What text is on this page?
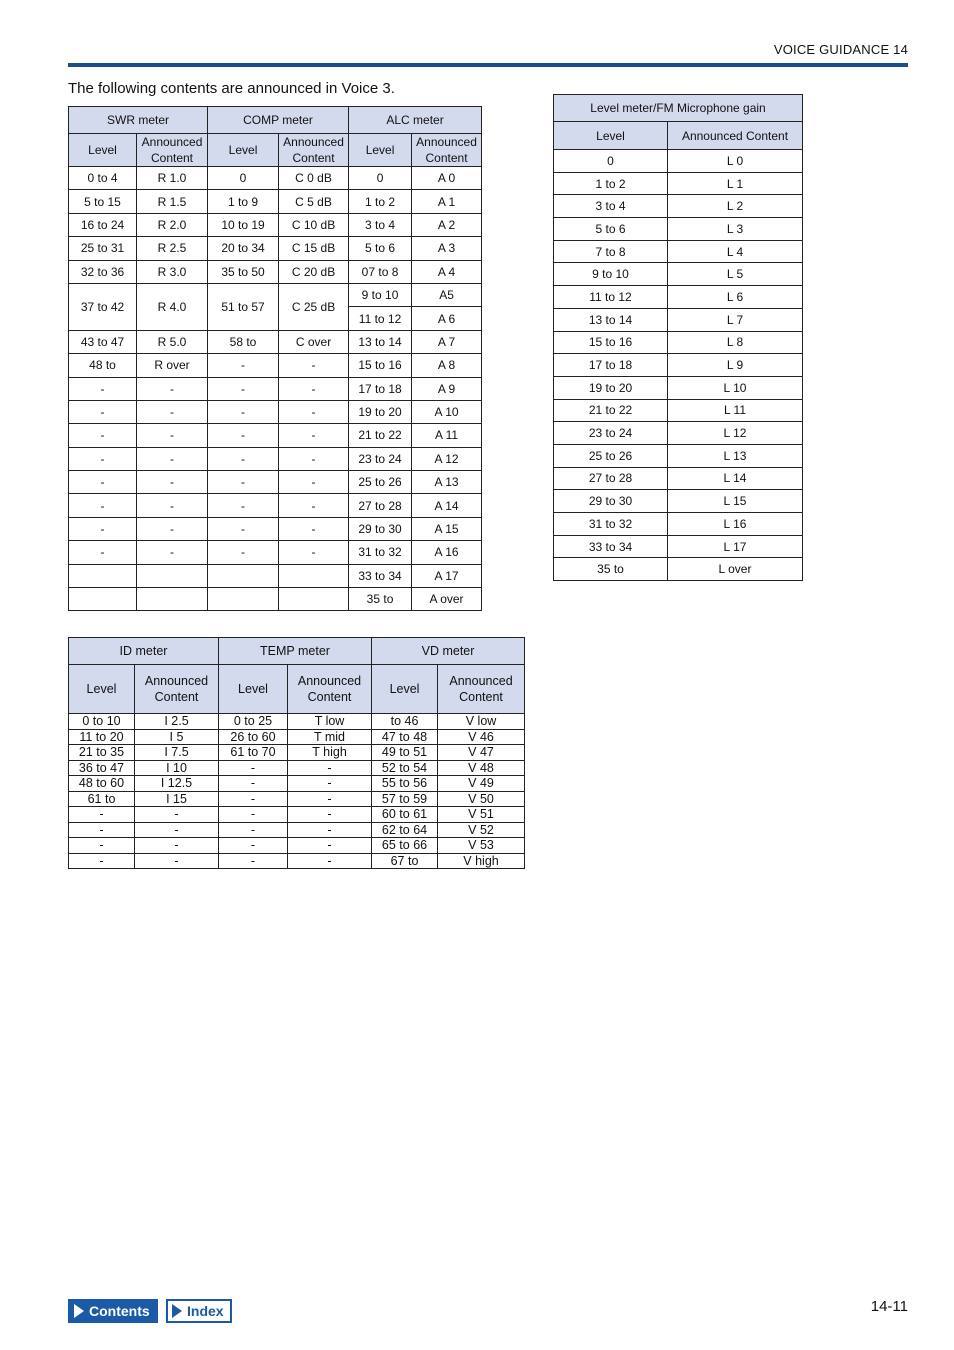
VOICE GUIDANCE 14
The following contents are announced in Voice 3.
SWR meter		COMP meter		ALC meter	
Level	Announced Content	Level	Announced Content	Level	Announced Content
0 to 4	R 1.0	0	C 0 dB	0	A 0
5 to 15	R 1.5	1 to 9	C 5 dB	1 to 2	A 1
16 to 24	R 2.0	10 to 19	C 10 dB	3 to 4	A 2
25 to 31	R 2.5	20 to 34	C 15 dB	5 to 6	A 3
32 to 36	R 3.0	35 to 50	C 20 dB	07 to 8	A 4
37 to 42	R 4.0	51 to 57	C 25 dB	9 to 10	A5
				11 to 12	A 6
43 to 47	R 5.0	58 to	C over	13 to 14	A 7
48 to	R over	-	-	15 to 16	A 8
-	-	-	-	17 to 18	A 9
-	-	-	-	19 to 20	A 10
-	-	-	-	21 to 22	A 11
-	-	-	-	23 to 24	A 12
-	-	-	-	25 to 26	A 13
-	-	-	-	27 to 28	A 14
-	-	-	-	29 to 30	A 15
-	-	-	-	31 to 32	A 16
				33 to 34	A 17
				35 to	A over
Level meter/FM Microphone gain	
Level	Announced Content
0	L 0
1 to 2	L 1
3 to 4	L 2
5 to 6	L 3
7 to 8	L 4
9 to 10	L 5
11 to 12	L 6
13 to 14	L 7
15 to 16	L 8
17 to 18	L 9
19 to 20	L 10
21 to 22	L 11
23 to 24	L 12
25 to 26	L 13
27 to 28	L 14
29 to 30	L 15
31 to 32	L 16
33 to 34	L 17
35 to	L over
ID meter		TEMP meter		VD meter	
Level	Announced Content	Level	Announced Content	Level	Announced Content
0 to 10	I 2.5	0 to 25	T low	to 46	V low
11 to 20	I 5	26 to 60	T mid	47 to 48	V 46
21 to 35	I 7.5	61 to 70	T high	49 to 51	V 47
36 to 47	I 10	-	-	52 to 54	V 48
48 to 60	I 12.5	-	-	55 to 56	V 49
61 to	I 15	-	-	57 to 59	V 50
-	-	-	-	60 to 61	V 51
-	-	-	-	62 to 64	V 52
-	-	-	-	65 to 66	V 53
-	-	-	-	67 to	V high
Contents	Index	14-11
